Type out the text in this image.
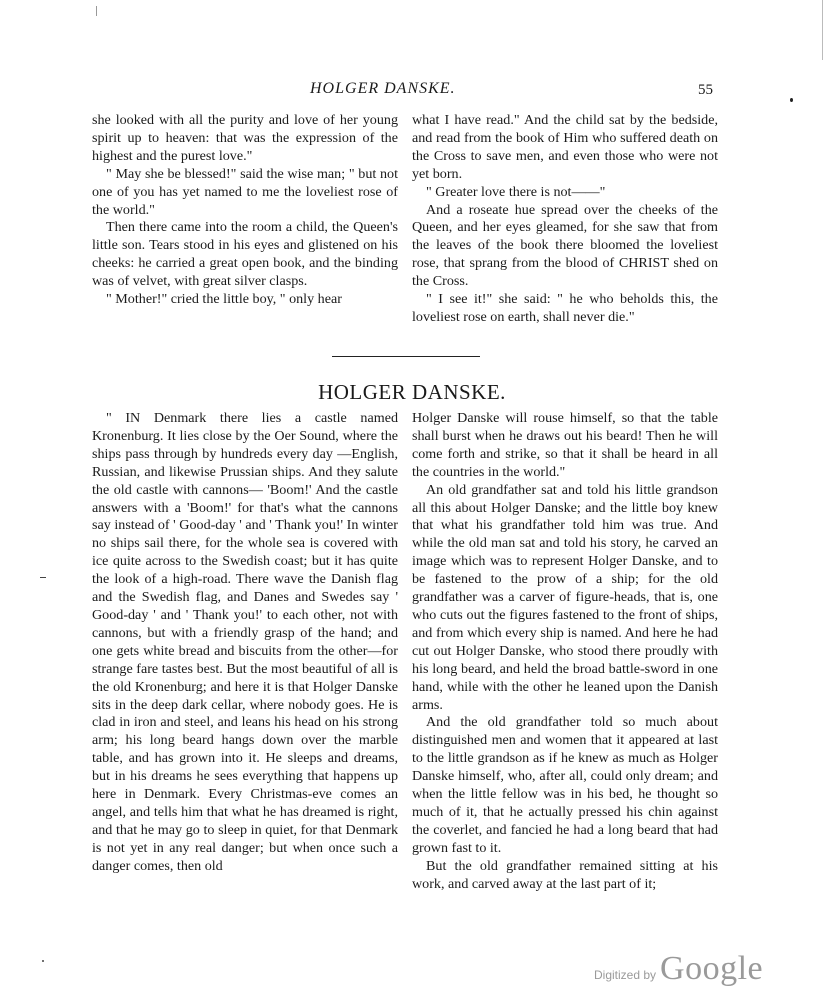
HOLGER DANSKE.	55

she looked with all the purity and love of her young spirit up to heaven: that was the expression of the highest and the purest love."

" May she be blessed!" said the wise man; " but not one of you has yet named to me the loveliest rose of the world."

Then there came into the room a child, the Queen's little son. Tears stood in his eyes and glistened on his cheeks: he carried a great open book, and the binding was of velvet, with great silver clasps.

" Mother!" cried the little boy, " only hear

what I have read." And the child sat by the bedside, and read from the book of Him who suffered death on the Cross to save men, and even those who were not yet born.

" Greater love there is not——"

And a roseate hue spread over the cheeks of the Queen, and her eyes gleamed, for she saw that from the leaves of the book there bloomed the loveliest rose, that sprang from the blood of CHRIST shed on the Cross.

" I see it!" she said: " he who beholds this, the loveliest rose on earth, shall never die."

HOLGER DANSKE.

" IN Denmark there lies a castle named Kronenburg. It lies close by the Oer Sound, where the ships pass through by hundreds every day —English, Russian, and likewise Prussian ships. And they salute the old castle with cannons— 'Boom!' And the castle answers with a 'Boom!' for that's what the cannons say instead of ' Good-day ' and ' Thank you!' In winter no ships sail there, for the whole sea is covered with ice quite across to the Swedish coast; but it has quite the look of a high-road. There wave the Danish flag and the Swedish flag, and Danes and Swedes say ' Good-day ' and ' Thank you!' to each other, not with cannons, but with a friendly grasp of the hand; and one gets white bread and biscuits from the other—for strange fare tastes best. But the most beautiful of all is the old Kronenburg; and here it is that Holger Danske sits in the deep dark cellar, where nobody goes. He is clad in iron and steel, and leans his head on his strong arm; his long beard hangs down over the marble table, and has grown into it. He sleeps and dreams, but in his dreams he sees everything that happens up here in Denmark. Every Christmas-eve comes an angel, and tells him that what he has dreamed is right, and that he may go to sleep in quiet, for that Denmark is not yet in any real danger; but when once such a danger comes, then old

Holger Danske will rouse himself, so that the table shall burst when he draws out his beard! Then he will come forth and strike, so that it shall be heard in all the countries in the world."

An old grandfather sat and told his little grandson all this about Holger Danske; and the little boy knew that what his grandfather told him was true. And while the old man sat and told his story, he carved an image which was to represent Holger Danske, and to be fastened to the prow of a ship; for the old grandfather was a carver of figure-heads, that is, one who cuts out the figures fastened to the front of ships, and from which every ship is named. And here he had cut out Holger Danske, who stood there proudly with his long beard, and held the broad battle-sword in one hand, while with the other he leaned upon the Danish arms.

And the old grandfather told so much about distinguished men and women that it appeared at last to the little grandson as if he knew as much as Holger Danske himself, who, after all, could only dream; and when the little fellow was in his bed, he thought so much of it, that he actually pressed his chin against the coverlet, and fancied he had a long beard that had grown fast to it.

But the old grandfather remained sitting at his work, and carved away at the last part of it;

Digitized by Google
